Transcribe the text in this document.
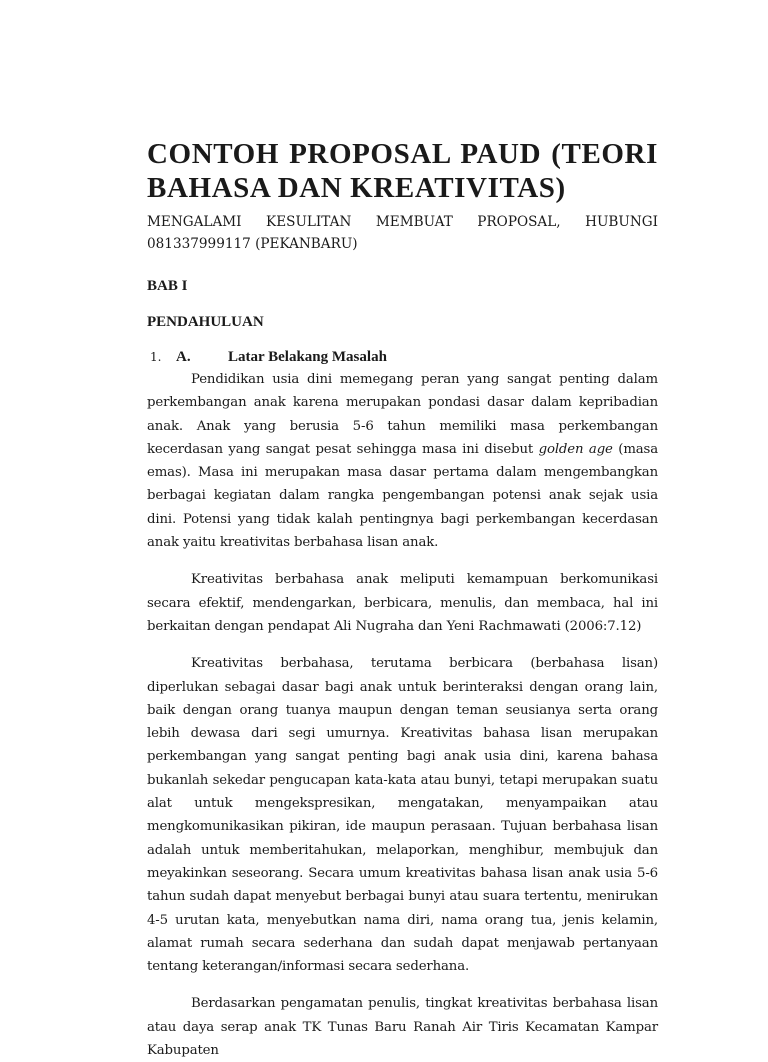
CONTOH PROPOSAL PAUD (TEORI BAHASA DAN KREATIVITAS)

MENGALAMI KESULITAN MEMBUAT PROPOSAL, HUBUNGI 081337999117 (PEKANBARU)

BAB I

PENDAHULUAN

1. A.	Latar Belakang Masalah

Pendidikan usia dini memegang peran yang sangat penting dalam perkembangan anak karena merupakan pondasi dasar dalam kepribadian anak. Anak yang berusia 5-6 tahun memiliki masa perkembangan kecerdasan yang sangat pesat sehingga masa ini disebut golden age (masa emas). Masa ini merupakan masa dasar pertama dalam mengembangkan berbagai kegiatan dalam rangka pengembangan potensi anak sejak usia dini. Potensi yang tidak kalah pentingnya bagi perkembangan kecerdasan anak yaitu kreativitas berbahasa lisan anak.

Kreativitas berbahasa anak meliputi kemampuan berkomunikasi secara efektif, mendengarkan, berbicara, menulis, dan membaca, hal ini berkaitan dengan pendapat Ali Nugraha dan Yeni Rachmawati (2006:7.12)

Kreativitas berbahasa, terutama berbicara (berbahasa lisan) diperlukan sebagai dasar bagi anak untuk berinteraksi dengan orang lain, baik dengan orang tuanya maupun dengan teman seusianya serta orang lebih dewasa dari segi umurnya. Kreativitas bahasa lisan merupakan perkembangan yang sangat penting bagi anak usia dini, karena bahasa bukanlah sekedar pengucapan kata-kata atau bunyi, tetapi merupakan suatu alat untuk mengekspresikan, mengatakan, menyampaikan atau mengkomunikasikan pikiran, ide maupun perasaan. Tujuan berbahasa lisan adalah untuk memberitahukan, melaporkan, menghibur, membujuk dan meyakinkan seseorang. Secara umum kreativitas bahasa lisan anak usia 5-6 tahun sudah dapat menyebut berbagai bunyi atau suara tertentu, menirukan 4-5 urutan kata, menyebutkan nama diri, nama orang tua, jenis kelamin, alamat rumah secara sederhana dan sudah dapat menjawab pertanyaan tentang keterangan/informasi secara sederhana.

Berdasarkan pengamatan penulis, tingkat kreativitas berbahasa lisan atau daya serap anak TK Tunas Baru Ranah Air Tiris Kecamatan Kampar Kabupaten
